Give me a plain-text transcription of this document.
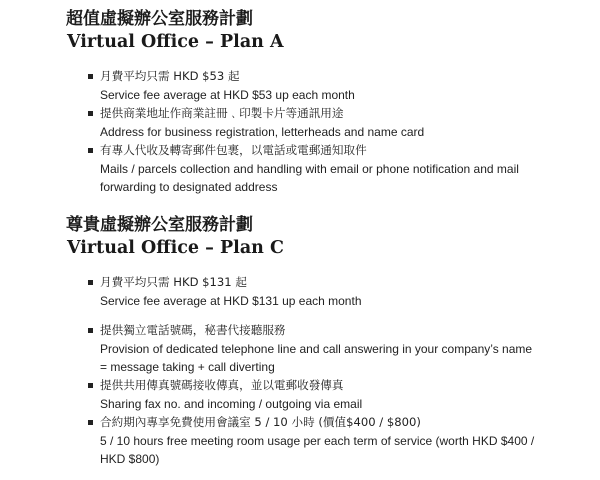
超值虛擬辦公室服務計劃
Virtual Office – Plan A
月費平均只需 HKD $53 起
Service fee average at HKD $53 up each month
提供商業地址作商業註冊﹑印製卡片等通訊用途
Address for business registration, letterheads and name card
有專人代收及轉寄郵件包裹，以電話或電郵通知取件
Mails / parcels collection and handling with email or phone notification and mail forwarding to designated address
尊貴虛擬辦公室服務計劃
Virtual Office – Plan C
月費平均只需 HKD $131 起
Service fee average at HKD $131 up each month
提供獨立電話號碼，秘書代接聽服務
Provision of dedicated telephone line and call answering in your company’s name = message taking + call diverting
提供共用傳真號碼接收傳真，並以電郵收發傳真
Sharing fax no. and incoming / outgoing via email
合約期內專享免費使用會議室 5 / 10 小時 (價值$400 / $800)
5 / 10 hours free meeting room usage per each term of service (worth HKD $400 / HKD $800)
